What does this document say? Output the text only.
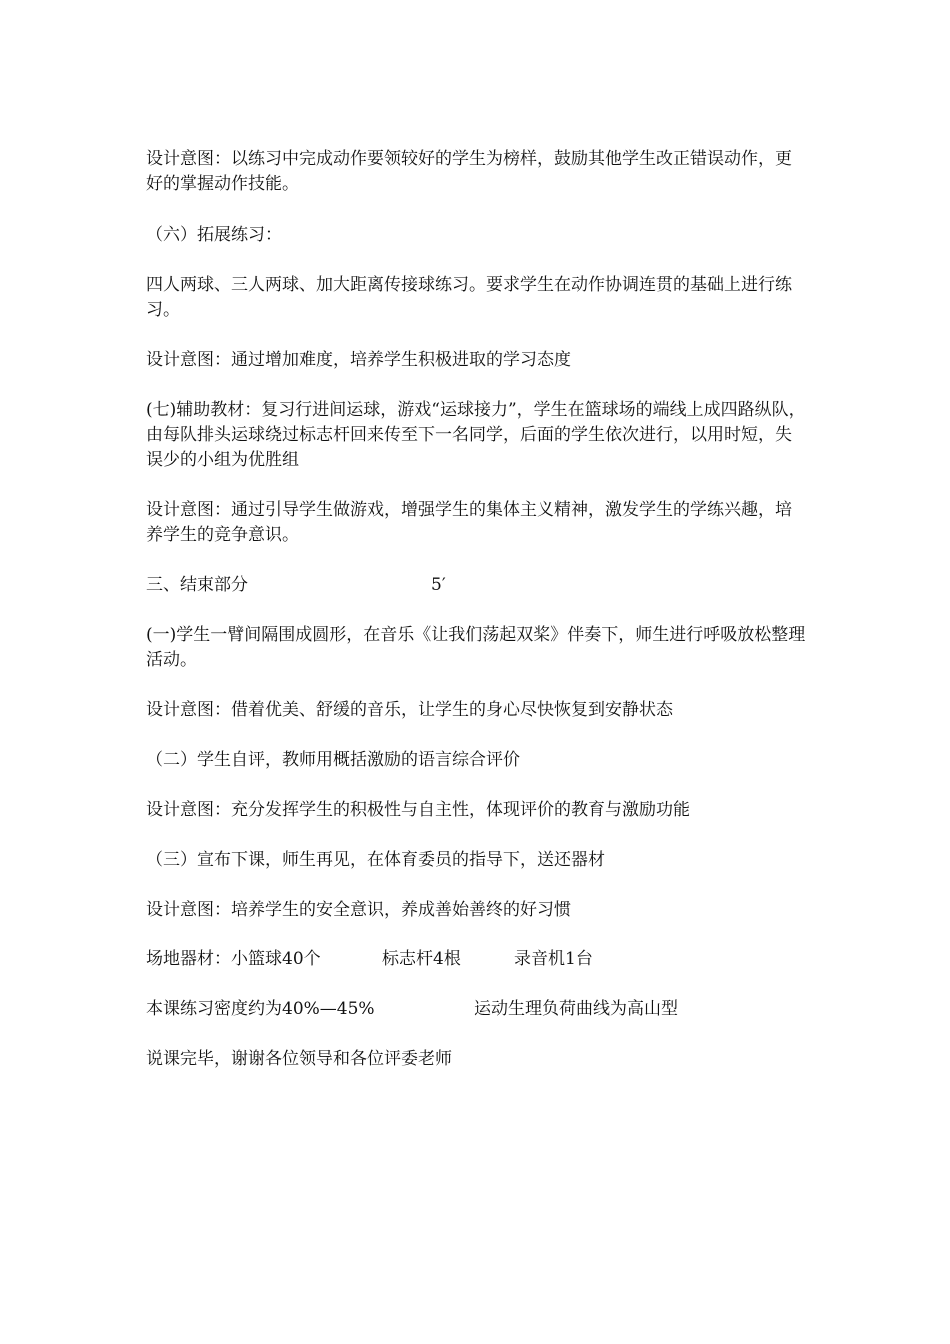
设计意图：以练习中完成动作要领较好的学生为榜样，鼓励其他学生改正错误动作，更好的掌握动作技能。

（六）拓展练习：

四人两球、三人两球、加大距离传接球练习。要求学生在动作协调连贯的基础上进行练习。

设计意图：通过增加难度，培养学生积极进取的学习态度

(七)辅助教材：复习行进间运球，游戏“运球接力”，学生在篮球场的端线上成四路纵队，由每队排头运球绕过标志杆回来传至下一名同学，后面的学生依次进行，以用时短，失误少的小组为优胜组

设计意图：通过引导学生做游戏，增强学生的集体主义精神，激发学生的学练兴趣，培养学生的竞争意识。

三、结束部分	5′

(一)学生一臂间隔围成圆形，在音乐《让我们荡起双桨》伴奏下，师生进行呼吸放松整理活动。

设计意图：借着优美、舒缓的音乐，让学生的身心尽快恢复到安静状态

（二）学生自评，教师用概括激励的语言综合评价

设计意图：充分发挥学生的积极性与自主性，体现评价的教育与激励功能

（三）宣布下课，师生再见，在体育委员的指导下，送还器材

设计意图：培养学生的安全意识，养成善始善终的好习惯

场地器材：小篮球40个	标志杆4根	录音机1台
本课练习密度约为40%—45%	运动生理负荷曲线为高山型

说课完毕，谢谢各位领导和各位评委老师
